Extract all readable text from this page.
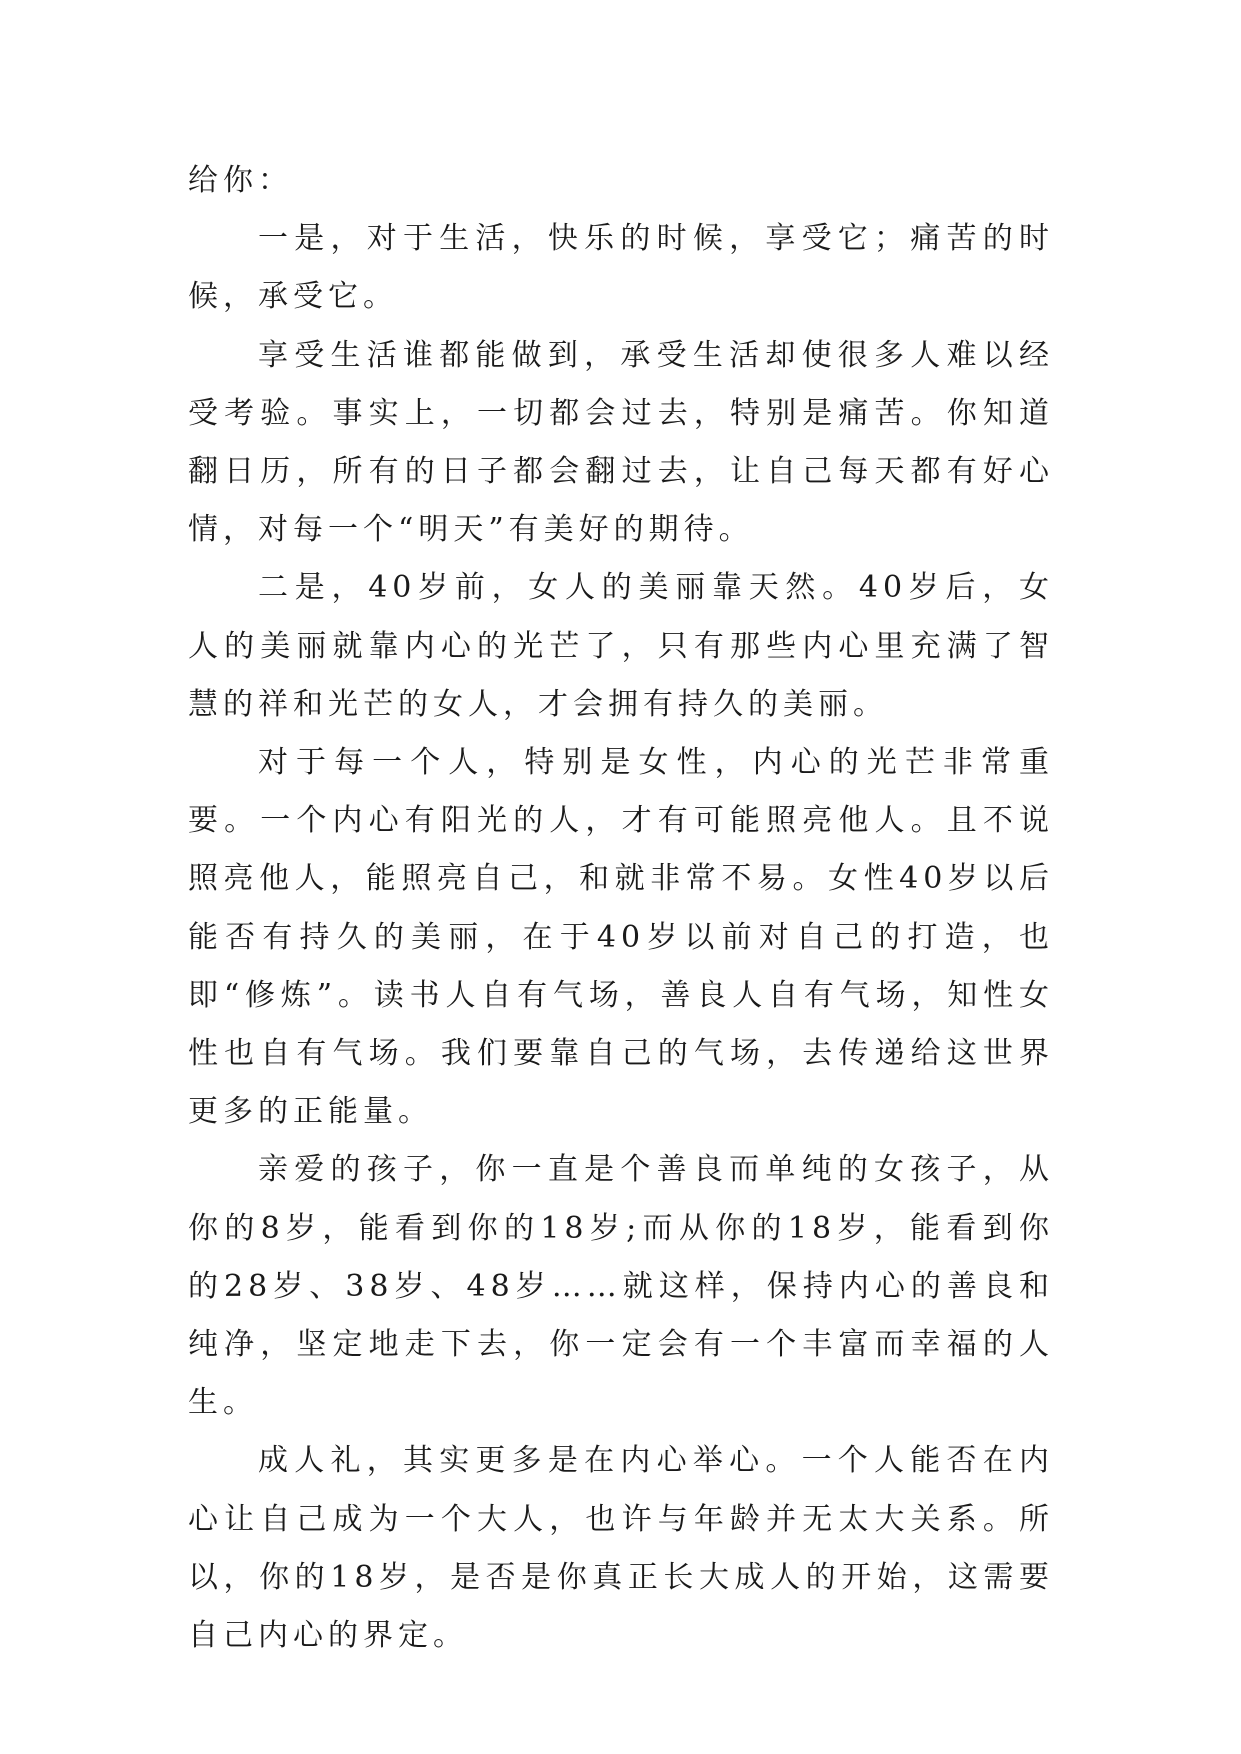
给你：

一是，对于生活，快乐的时候，享受它；痛苦的时候，承受它。

享受生活谁都能做到，承受生活却使很多人难以经受考验。事实上，一切都会过去，特别是痛苦。你知道翻日历，所有的日子都会翻过去，让自己每天都有好心情，对每一个“明天”有美好的期待。

二是，40岁前，女人的美丽靠天然。40岁后，女人的美丽就靠内心的光芒了，只有那些内心里充满了智慧的祥和光芒的女人，才会拥有持久的美丽。

对于每一个人，特别是女性，内心的光芒非常重要。一个内心有阳光的人，才有可能照亮他人。且不说照亮他人，能照亮自己，和就非常不易。女性40岁以后能否有持久的美丽，在于40岁以前对自己的打造，也即“修炼”。读书人自有气场，善良人自有气场，知性女性也自有气场。我们要靠自己的气场，去传递给这世界更多的正能量。

亲爱的孩子，你一直是个善良而单纯的女孩子，从你的8岁，能看到你的18岁;而从你的18岁，能看到你的28岁、38岁、48岁……就这样，保持内心的善良和纯净，坚定地走下去，你一定会有一个丰富而幸福的人生。

成人礼，其实更多是在内心举心。一个人能否在内心让自己成为一个大人，也许与年龄并无太大关系。所以，你的18岁，是否是你真正长大成人的开始，这需要自己内心的界定。
